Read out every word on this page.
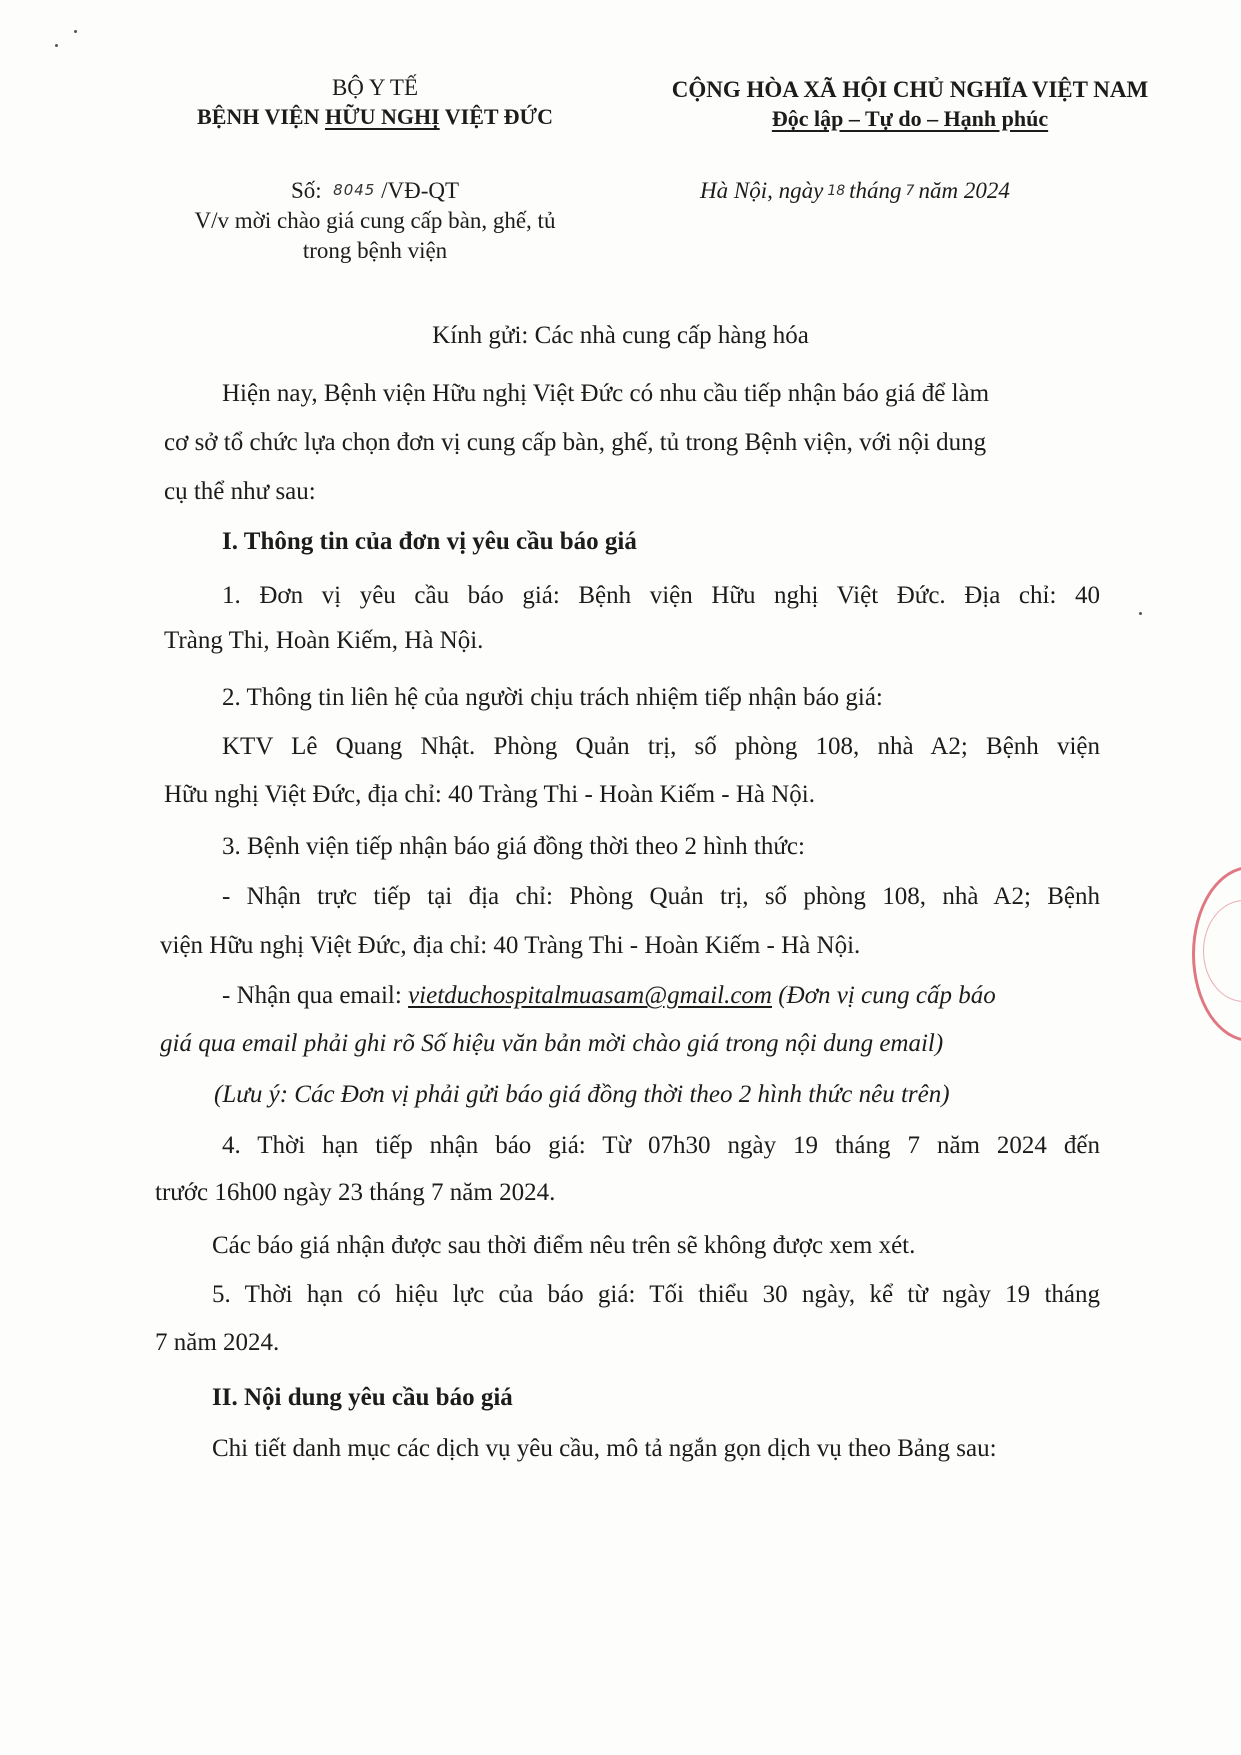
BỘ Y TẾ
BỆNH VIỆN HỮU NGHỊ VIỆT ĐỨC
CỘNG HÒA XÃ HỘI CHỦ NGHĨA VIỆT NAM
Độc lập – Tự do – Hạnh phúc
Số: 8045 /VĐ-QT
V/v mời chào giá cung cấp bàn, ghế, tủ
trong bệnh viện
Hà Nội, ngày 18 tháng 7 năm 2024
Kính gửi: Các nhà cung cấp hàng hóa
Hiện nay, Bệnh viện Hữu nghị Việt Đức có nhu cầu tiếp nhận báo giá để làm
cơ sở tổ chức lựa chọn đơn vị cung cấp bàn, ghế, tủ trong Bệnh viện, với nội dung
cụ thể như sau:
I. Thông tin của đơn vị yêu cầu báo giá
1. Đơn vị yêu cầu báo giá: Bệnh viện Hữu nghị Việt Đức. Địa chỉ: 40
Tràng Thi, Hoàn Kiếm, Hà Nội.
2. Thông tin liên hệ của người chịu trách nhiệm tiếp nhận báo giá:
KTV Lê Quang Nhật. Phòng Quản trị, số phòng 108, nhà A2; Bệnh viện
Hữu nghị Việt Đức, địa chỉ: 40 Tràng Thi - Hoàn Kiếm - Hà Nội.
3. Bệnh viện tiếp nhận báo giá đồng thời theo 2 hình thức:
- Nhận trực tiếp tại địa chỉ: Phòng Quản trị, số phòng 108, nhà A2; Bệnh
viện Hữu nghị Việt Đức, địa chỉ: 40 Tràng Thi - Hoàn Kiếm - Hà Nội.
- Nhận qua email: vietduchospitalmuasam@gmail.com (Đơn vị cung cấp báo
giá qua email phải ghi rõ Số hiệu văn bản mời chào giá trong nội dung email)
(Lưu ý: Các Đơn vị phải gửi báo giá đồng thời theo 2 hình thức nêu trên)
4. Thời hạn tiếp nhận báo giá: Từ 07h30 ngày 19 tháng 7 năm 2024 đến
trước 16h00 ngày 23 tháng 7 năm 2024.
Các báo giá nhận được sau thời điểm nêu trên sẽ không được xem xét.
5. Thời hạn có hiệu lực của báo giá: Tối thiểu 30 ngày, kể từ ngày 19 tháng
7 năm 2024.
II. Nội dung yêu cầu báo giá
Chi tiết danh mục các dịch vụ yêu cầu, mô tả ngắn gọn dịch vụ theo Bảng sau:
